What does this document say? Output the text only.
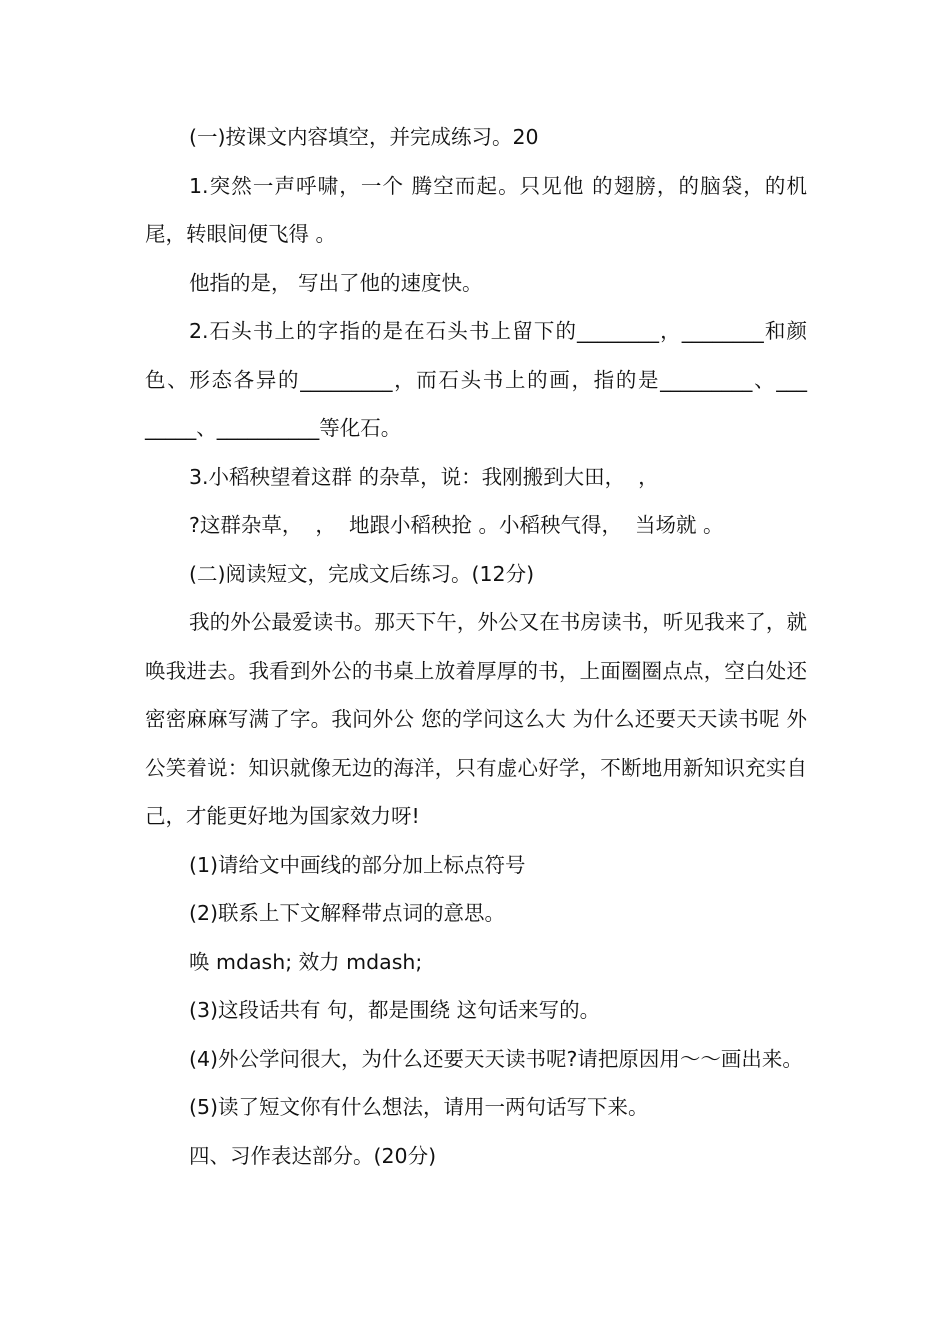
(一)按课文内容填空，并完成练习。20

1.突然一声呼啸，一个 腾空而起。只见他 的翅膀，的脑袋，的机尾，转眼间便飞得 。

他指的是， 写出了他的速度快。

2.石头书上的字指的是在石头书上留下的________，________和颜色、形态各异的_________，而石头书上的画，指的是_________、___ _____、__________等化石。

3.小稻秧望着这群 的杂草，说：我刚搬到大田，  ，

?这群杂草，  ，  地跟小稻秧抢 。小稻秧气得，  当场就 。

(二)阅读短文，完成文后练习。(12分)

我的外公最爱读书。那天下午，外公又在书房读书，听见我来了，就唤我进去。我看到外公的书桌上放着厚厚的书，上面圈圈点点，空白处还密密麻麻写满了字。我问外公 您的学问这么大 为什么还要天天读书呢 外公笑着说：知识就像无边的海洋，只有虚心好学，不断地用新知识充实自己，才能更好地为国家效力呀!

(1)请给文中画线的部分加上标点符号

(2)联系上下文解释带点词的意思。

唤 mdash; 效力 mdash;

(3)这段话共有 句，都是围绕 这句话来写的。

(4)外公学问很大，为什么还要天天读书呢?请把原因用～～画出来。

(5)读了短文你有什么想法，请用一两句话写下来。

四、习作表达部分。(20分)
